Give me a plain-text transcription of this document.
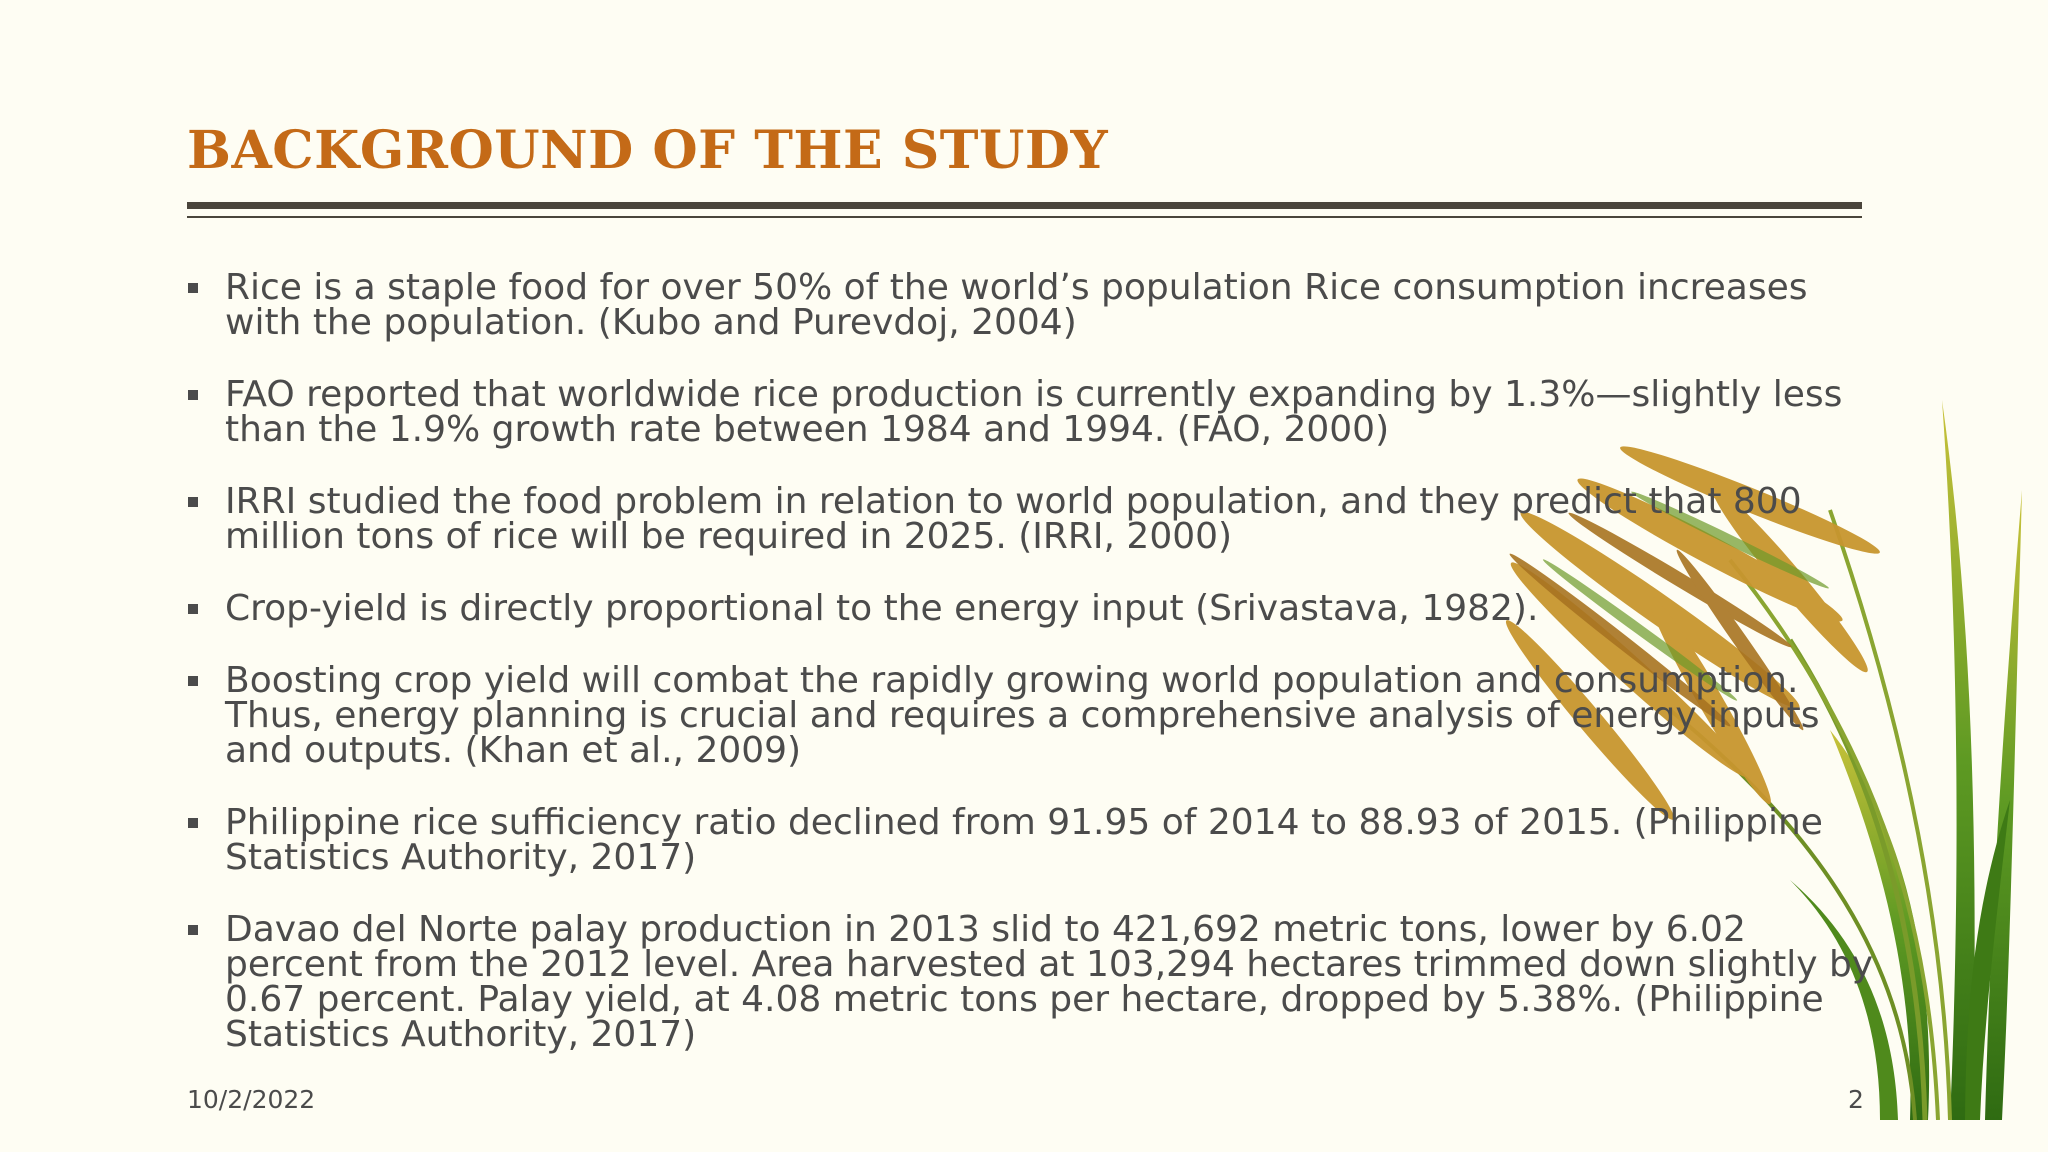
BACKGROUND OF THE STUDY
Rice is a staple food for over 50% of the world’s population Rice consumption increases with the population. (Kubo and Purevdoj, 2004)
FAO reported that worldwide rice production is currently expanding by 1.3%—slightly less than the 1.9% growth rate between 1984 and 1994. (FAO, 2000)
IRRI studied the food problem in relation to world population, and they predict that 800 million tons of rice will be required in 2025. (IRRI, 2000)
Crop-yield is directly proportional to the energy input (Srivastava, 1982).
Boosting crop yield will combat the rapidly growing world population and consumption. Thus, energy planning is crucial and requires a comprehensive analysis of energy inputs and outputs. (Khan et al., 2009)
Philippine rice sufficiency ratio declined from 91.95 of 2014 to 88.93 of 2015. (Philippine Statistics Authority, 2017)
Davao del Norte palay production in 2013 slid to 421,692 metric tons, lower by 6.02 percent from the 2012 level. Area harvested at 103,294 hectares trimmed down slightly by 0.67 percent. Palay yield, at 4.08 metric tons per hectare, dropped by 5.38%. (Philippine Statistics Authority, 2017)
10/2/2022	2
